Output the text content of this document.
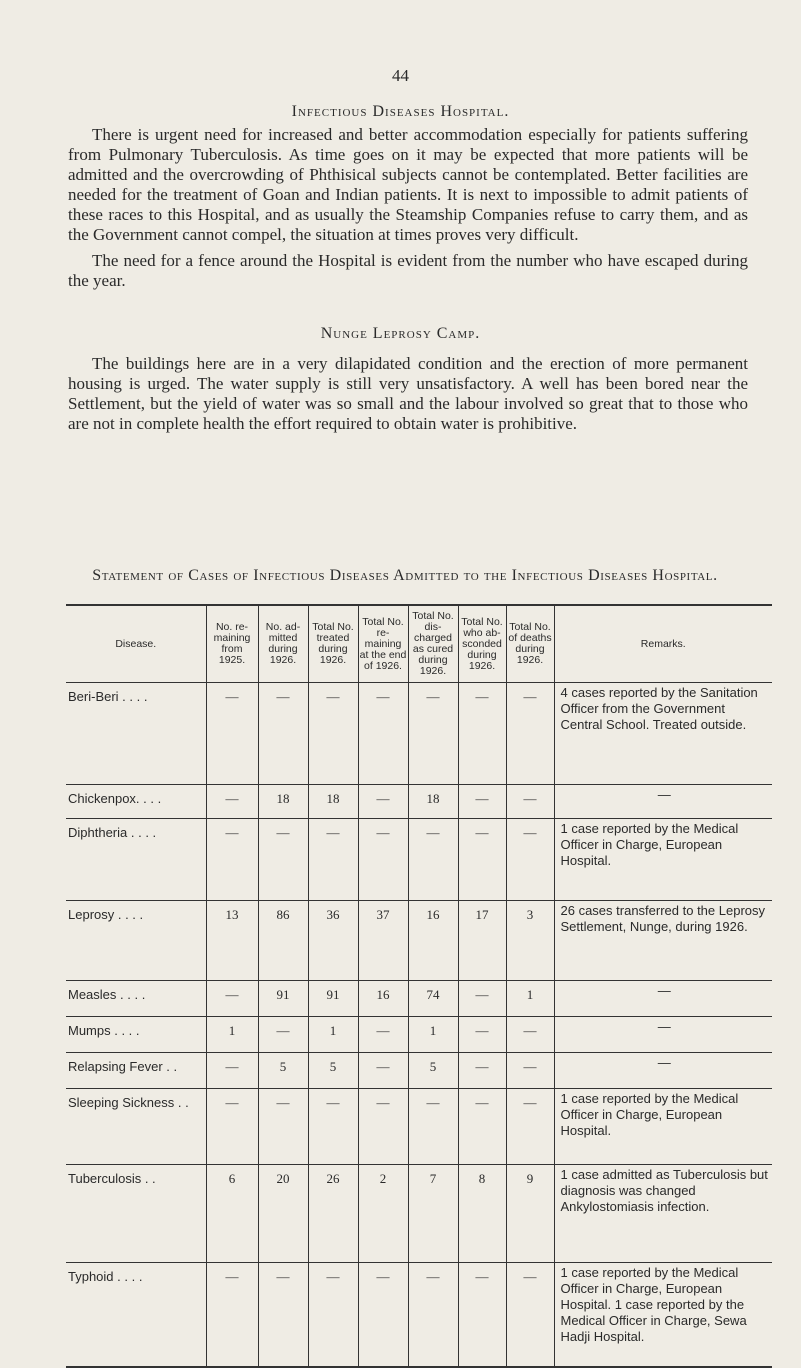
44
Infectious Diseases Hospital.

There is urgent need for increased and better accommodation especially for patients suffering from Pulmonary Tuberculosis. As time goes on it may be expected that more patients will be admitted and the overcrowding of Phthisical subjects cannot be contemplated. Better facilities are needed for the treatment of Goan and Indian patients. It is next to impossible to admit patients of these races to this Hospital, and as usually the Steamship Companies refuse to carry them, and as the Government cannot compel, the situation at times proves very difficult.

The need for a fence around the Hospital is evident from the number who have escaped during the year.

Nunge Leprosy Camp.

The buildings here are in a very dilapidated condition and the erection of more permanent housing is urged. The water supply is still very unsatisfactory. A well has been bored near the Settlement, but the yield of water was so small and the labour involved so great that to those who are not in complete health the effort required to obtain water is prohibitive.

Statement of Cases of Infectious Diseases Admitted to the Infectious Diseases Hospital.
Disease.	No. re-maining from 1925.	No. ad-mitted during 1926.	Total No. treated during 1926.	Total No. re-maining at the end of 1926.	Total No. dis-charged as cured during 1926.	Total No. who ab-sconded during 1926.	Total No. of deaths during 1926.	Remarks.
Beri-Beri . . . .	—	—	—	—	—	—	—	4 cases reported by the Sanitation Officer from the Government Central School. Treated outside.
Chickenpox. . . .	—	18	18	—	18	—	—	—
Diphtheria . . . .	—	—	—	—	—	—	—	1 case reported by the Medical Officer in Charge, European Hospital.
Leprosy . . . .	13	86	36	37	16	17	3	26 cases transferred to the Leprosy Settlement, Nunge, during 1926.
Measles . . . .	—	91	91	16	74	—	1	—
Mumps . . . .	1	—	1	—	1	—	—	—
Relapsing Fever . .	—	5	5	—	5	—	—	—
Sleeping Sickness . .	—	—	—	—	—	—	—	1 case reported by the Medical Officer in Charge, European Hospital.
Tuberculosis . .	6	20	26	2	7	8	9	1 case admitted as Tuberculosis but diagnosis was changed Ankylostomiasis infection.
Typhoid . . . .	—	—	—	—	—	—	—	1 case reported by the Medical Officer in Charge, European Hospital. 1 case reported by the Medical Officer in Charge, Sewa Hadji Hospital.
